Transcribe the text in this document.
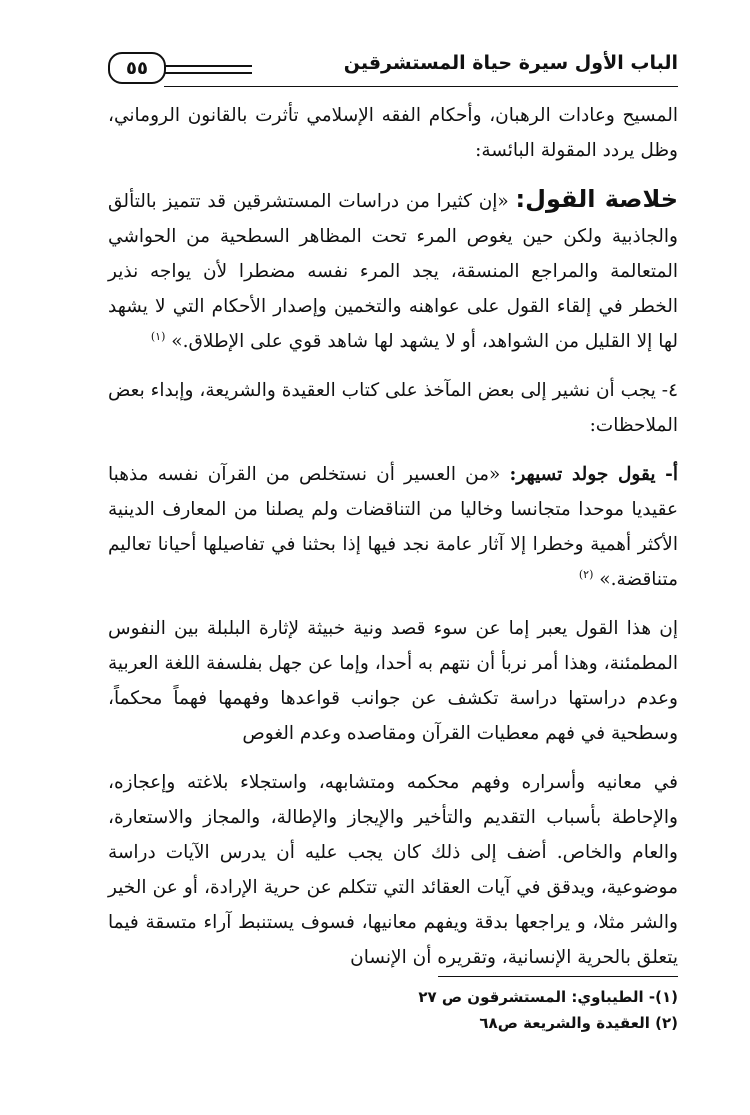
٥٥	الباب الأول سيرة حياة المستشرقين

المسيح وعادات الرهبان، وأحكام الفقه الإسلامي تأثرت بالقانون الروماني، وظل يردد المقولة البائسة:

خلاصة القول: «إن كثيرا من دراسات المستشرقين قد تتميز بالتألق والجاذبية ولكن حين يغوص المرء تحت المظاهر السطحية من الحواشي المتعالمة والمراجع المنسقة، يجد المرء نفسه مضطرا لأن يواجه نذير الخطر في إلقاء القول على عواهنه والتخمين وإصدار الأحكام التي لا يشهد لها إلا القليل من الشواهد، أو لا يشهد لها شاهد قوي على الإطلاق.» $^{(١)}$

٤- يجب أن نشير إلى بعض المآخذ على كتاب العقيدة والشريعة، وإبداء بعض الملاحظات:

أ- يقول جولد تسيهر: «من العسير أن نستخلص من القرآن نفسه مذهبا عقيديا موحدا متجانسا وخاليا من التناقضات ولم يصلنا من المعارف الدينية الأكثر أهمية وخطرا إلا آثار عامة نجد فيها إذا بحثنا في تفاصيلها أحيانا تعاليم متناقضة.» $^{(٢)}$

إن هذا القول يعبر إما عن سوء قصد ونية خبيثة لإثارة البلبلة بين النفوس المطمئنة، وهذا أمر نربأ أن نتهم به أحدا، وإما عن جهل بفلسفة اللغة العربية وعدم دراستها دراسة تكشف عن جوانب قواعدها وفهمها فهماً محكماً، وسطحية في فهم معطيات القرآن ومقاصده وعدم الغوص

في معانيه وأسراره وفهم محكمه ومتشابهه، واستجلاء بلاغته وإعجازه، والإحاطة بأسباب التقديم والتأخير والإيجاز والإطالة، والمجاز والاستعارة، والعام والخاص. أضف إلى ذلك كان يجب عليه أن يدرس الآيات دراسة موضوعية، ويدقق في آيات العقائد التي تتكلم عن حرية الإرادة، أو عن الخير والشر مثلا، و يراجعها بدقة ويفهم معانيها، فسوف يستنبط آراء متسقة فيما يتعلق بالحرية الإنسانية، وتقريره أن الإنسان

(١)- الطيباوي: المستشرقون ص ٢٧
(٢) العقيدة والشريعة ص٦٨
